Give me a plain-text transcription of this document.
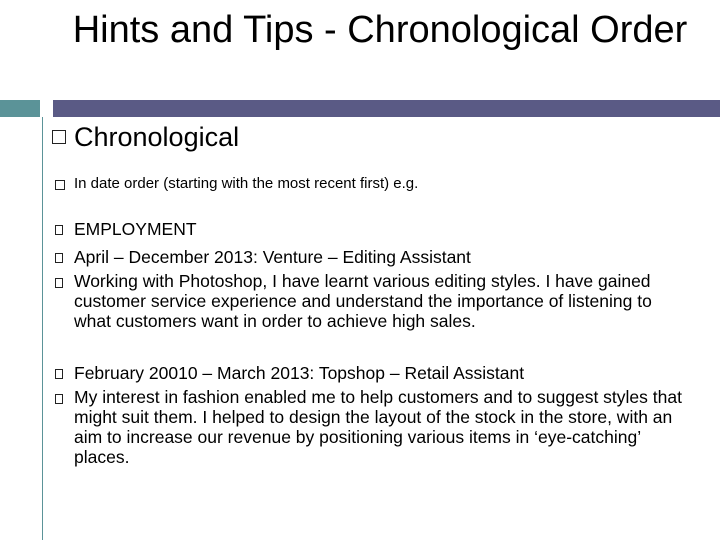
Hints and Tips - Chronological Order
Chronological
In date order (starting with the most recent first) e.g.
EMPLOYMENT
April – December 2013: Venture – Editing Assistant
Working with Photoshop, I have learnt various editing styles. I have gained customer service experience and understand the importance of listening to what customers want in order to achieve high sales.
February 20010 – March 2013: Topshop – Retail Assistant
My interest in fashion enabled me to help customers and to suggest styles that might suit them. I helped to design the layout of the stock in the store, with an aim to increase our revenue by positioning various items in ‘eye-catching’ places.
